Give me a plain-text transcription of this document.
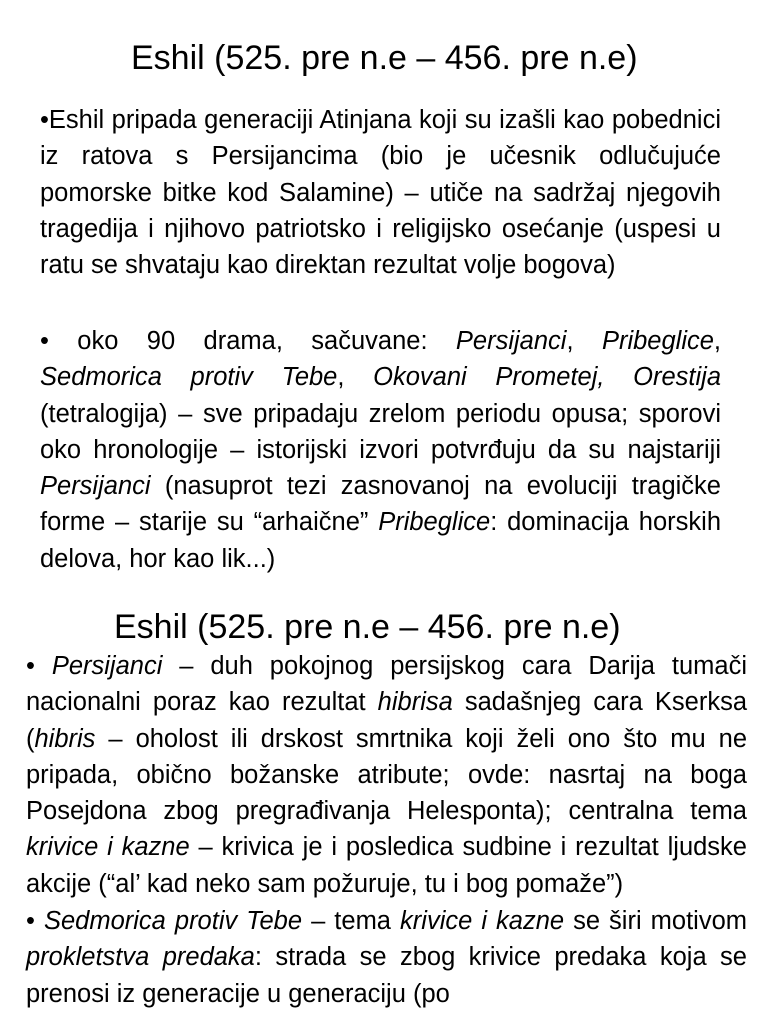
Eshil (525. pre n.e – 456. pre n.e)

•Eshil pripada generaciji Atinjana koji su izašli kao pobednici iz ratova s Persijancima (bio je učesnik odlučujuće pomorske bitke kod Salamine) – utiče na sadržaj njegovih tragedija i njihovo patriotsko i religijsko osećanje (uspesi u ratu se shvataju kao direktan rezultat volje bogova)

• oko 90 drama, sačuvane: Persijanci, Pribeglice, Sedmorica protiv Tebe, Okovani Prometej, Orestija (tetralogija) – sve pripadaju zrelom periodu opusa; sporovi oko hronologije – istorijski izvori potvrđuju da su najstariji Persijanci (nasuprot tezi zasnovanoj na evoluciji tragičke forme – starije su “arhaične” Pribeglice: dominacija horskih delova, hor kao lik...)

Eshil (525. pre n.e – 456. pre n.e)

• Persijanci – duh pokojnog persijskog cara Darija tumači nacionalni poraz kao rezultat hibrisa sadašnjeg cara Kserksa (hibris – oholost ili drskost smrtnika koji želi ono što mu ne pripada, obično božanske atribute; ovde: nasrtaj na boga Posejdona zbog pregrađivanja Helesponta); centralna tema krivice i kazne – krivica je i posledica sudbine i rezultat ljudske akcije (“al’ kad neko sam požuruje, tu i bog pomaže”)

• Sedmorica protiv Tebe – tema krivice i kazne se širi motivom prokletstva predaka: strada se zbog krivice predaka koja se prenosi iz generacije u generaciju (po
